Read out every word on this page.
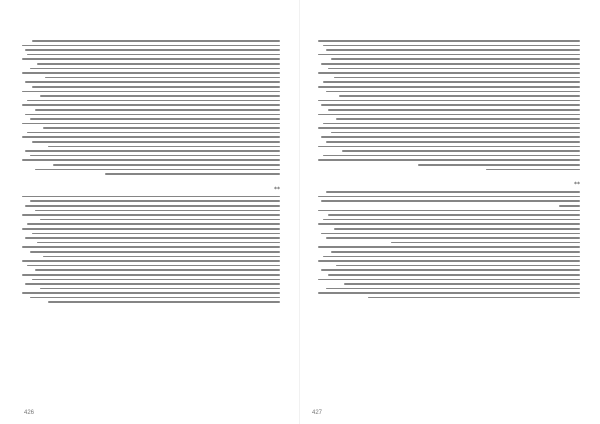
**
426
**
427
